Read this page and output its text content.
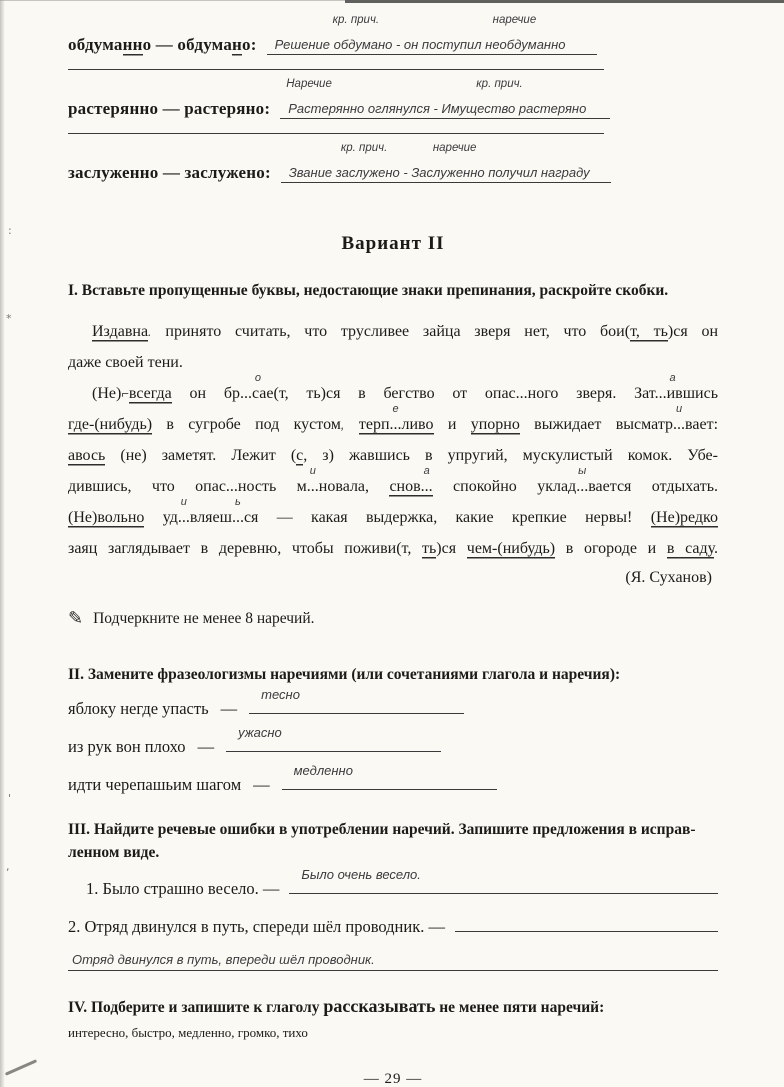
:
*
'
,
обдуманно — обдумано:
кр. прич.	наречие
Решение обдумано - он поступил необдуманно
растерянно — растеряно:
Наречие	кр. прич.
Растерянно оглянулся - Имущество растеряно
заслуженно — заслужено:
кр. прич.	наречие
Звание заслужено - Заслуженно получил награду
Вариант II
I. Вставьте пропущенные буквы, недостающие знаки препинания, раскройте скобки.
Издавна. принято считать, что трусливее зайца зверя нет, что бои(т, ть)ся он
даже своей тени.
(Не)⌐всегда он бр...
о
сае(т, ть)ся в бегство от опас...ного зверя. Зат...
а
ившись
где-(нибудь) в сугробе под кустом, терп...
е
ливо и упорно выжидает высматр...
и
вает:
авось (не) заметят. Лежит (с, з) жавшись в упругий, мускулистый комок. Убе-
дившись, что опас...ность м...
и
новала, снов...
а
спокойно уклад...
ы
вается отдыхать.
(Не)вольно уд...
и
вляеш...
ь
ся — какая выдержка, какие крепкие нервы! (Не)редко
заяц заглядывает в деревню, чтобы поживи(т, ть)ся чем-(нибудь) в огороде и в саду.
(Я. Суханов)
✎ Подчеркните не менее 8 наречий.
II. Замените фразеологизмы наречиями (или сочетаниями глагола и наречия):
яблоку негде упасть —
тесно
из рук вон плохо —
ужасно
идти черепашьим шагом —
медленно
III. Найдите речевые ошибки в употреблении наречий. Запишите предложения в исправ-
ленном виде.
1. Было страшно весело. —
Было очень весело.
2. Отряд двинулся в путь, спереди шёл проводник. —
Отряд двинулся в путь, впереди шёл проводник.
IV. Подберите и запишите к глаголу рассказывать не менее пяти наречий:
интересно, быстро, медленно, громко, тихо
— 29 —
